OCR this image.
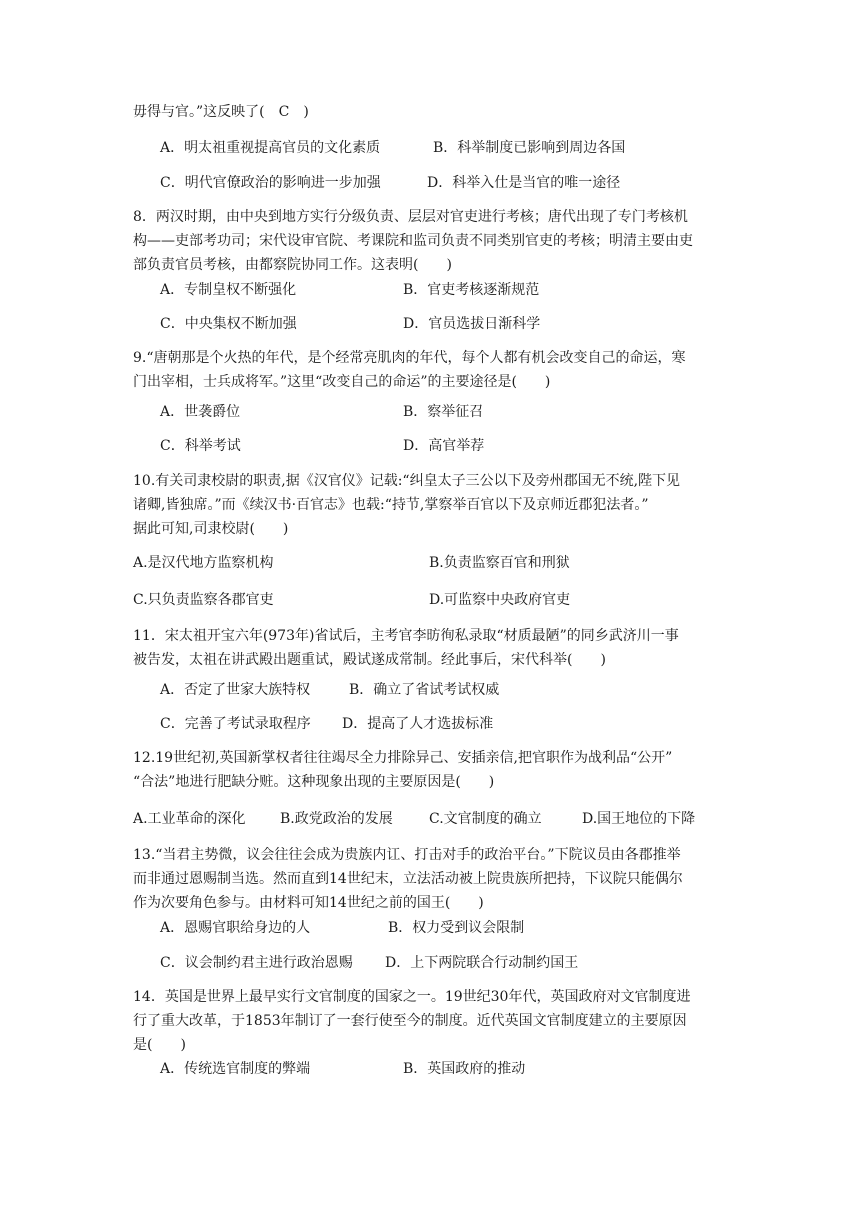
毋得与官。”这反映了(　C　)
A．明太祖重视提高官员的文化素质	B．科举制度已影响到周边各国
C．明代官僚政治的影响进一步加强	D．科举入仕是当官的唯一途径
8．两汉时期，由中央到地方实行分级负责、层层对官吏进行考核；唐代出现了专门考核机
构——吏部考功司；宋代设审官院、考课院和监司负责不同类别官吏的考核；明清主要由吏
部负责官员考核，由都察院协同工作。这表明(　　)
A．专制皇权不断强化	B．官吏考核逐渐规范
C．中央集权不断加强	D．官员选拔日渐科学
9.“唐朝那是个火热的年代，是个经常亮肌肉的年代，每个人都有机会改变自己的命运，寒
门出宰相，士兵成将军。”这里“改变自己的命运”的主要途径是(　　)
A．世袭爵位	B．察举征召
C．科举考试	D．高官举荐
10.有关司隶校尉的职责,据《汉官仪》记载:“纠皇太子三公以下及旁州郡国无不统,陛下见
诸卿,皆独席。”而《续汉书·百官志》也载:“持节,掌察举百官以下及京师近郡犯法者。”
据此可知,司隶校尉(　　)
A.是汉代地方监察机构	B.负责监察百官和刑狱
C.只负责监察各郡官吏	D.可监察中央政府官吏
11．宋太祖开宝六年(973年)省试后，主考官李昉徇私录取“材质最陋”的同乡武济川一事
被告发，太祖在讲武殿出题重试，殿试遂成常制。经此事后，宋代科举(　　)
A．否定了世家大族特权	B．确立了省试考试权威
C．完善了考试录取程序 D．提高了人才选拔标准
12.19世纪初,英国新掌权者往往竭尽全力排除异己、安插亲信,把官职作为战利品“公开”
“合法”地进行肥缺分赃。这种现象出现的主要原因是(　　)
A.工业革命的深化 B.政党政治的发展	C.文官制度的确立	D.国王地位的下降
13.“当君主势微，议会往往会成为贵族内讧、打击对手的政治平台。”下院议员由各郡推举
而非通过恩赐制当选。然而直到14世纪末，立法活动被上院贵族所把持，下议院只能偶尔
作为次要角色参与。由材料可知14世纪之前的国王(　　)
A．恩赐官职给身边的人	B．权力受到议会限制
C．议会制约君主进行政治恩赐 D．上下两院联合行动制约国王
14．英国是世界上最早实行文官制度的国家之一。19世纪30年代，英国政府对文官制度进
行了重大改革，于1853年制订了一套行使至今的制度。近代英国文官制度建立的主要原因
是(　　)
A．传统选官制度的弊端	B．英国政府的推动
